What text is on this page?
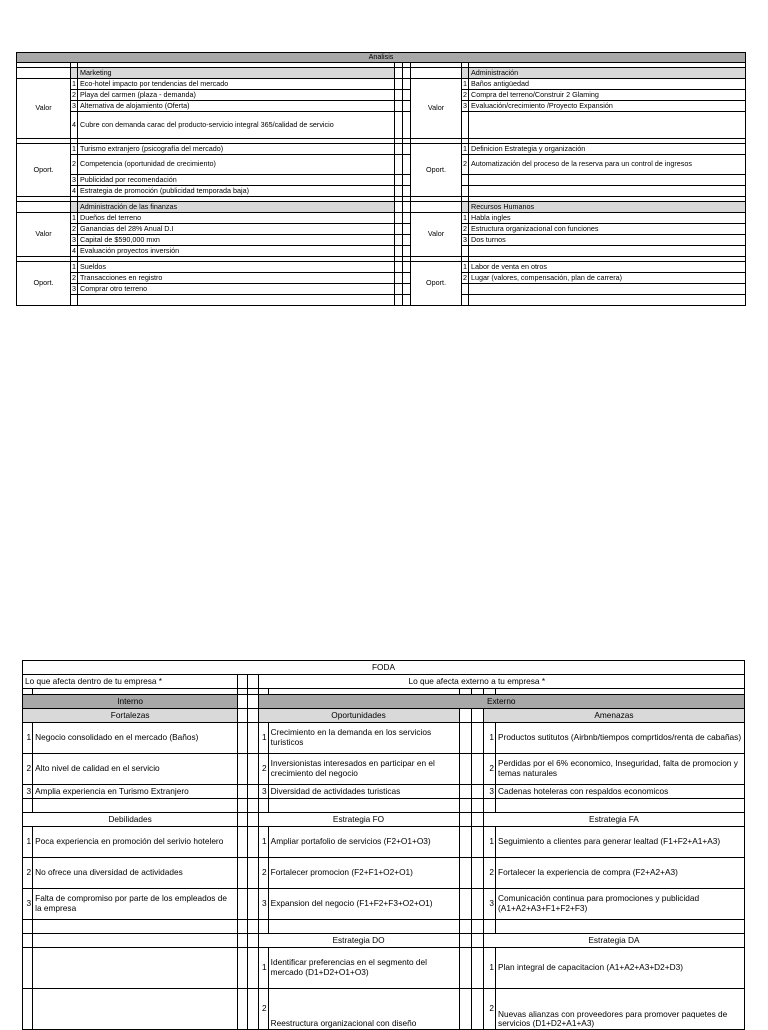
Analisis							

		Marketing					Administración
Valor	1	Eco-hotel impacto por tendencias del mercado			Valor	1	Baños antigüedad
	2	Playa del carmen (plaza - demanda)				2	Compra del terreno/Construir 2 Glaming
	3	Alternativa de alojamiento (Oferta)				3	Evaluación/crecimiento /Proyecto Expansión
	4	Cubre con demanda carac del producto-servicio integral 365/calidad de servicio					

Oport.	1	Turismo extranjero (psicografía del mercado)			Oport.	1	Definicion Estrategia y organización
	2	Competencia (oportunidad de crecimiento)				2	Automatización del proceso de la reserva para un control de ingresos
	3	Publicidad por recomendación					
	4	Estrategia de promoción (publicidad temporada baja)					

		Administración de las finanzas					Recursos Humanos
Valor	1	Dueños del terreno			Valor	1	Habla ingles
	2	Ganancias del 28% Anual D.I				2	Estructura organizacional con funciones
	3	Capital de $590,000 mxn				3	Dos turnos
	4	Evaluación proyectos inversión					

Oport.	1	Sueldos			Oport.	1	Labor de venta en otros
	2	Transacciones en registro				2	Lugar (valores, compensación, plan de carrera)
	3	Comprar otro terreno					

FODA									
Lo que afecta dentro de tu empresa *				Lo que afecta externo a tu empresa *					

Interno				Externo					
Fortalezas				Oportunidades				Amenazas	
1	Negocio consolidado en el mercado (Baños)			1	Crecimiento en la demanda en los servicios turisticos			1	Productos sutitutos (Airbnb/tiempos comprtidos/renta de cabañas)
2	Alto nivel de calidad en el servicio			2	Inversionistas interesados en participar en el crecimiento del negocio			2	Perdidas por el 6% economico, Inseguridad, falta de promocion y temas naturales
3	Amplia experiencia en Turismo Extranjero			3	Diversidad de actividades turisticas			3	Cadenas hoteleras con respaldos economicos

Debilidades				Estrategia FO				Estrategia FA	
1	Poca experiencia en promoción del serivio hotelero			1	Ampliar portafolio de servicios (F2+O1+O3)			1	Seguimiento a clientes para generar lealtad (F1+F2+A1+A3)
2	No ofrece una diversidad de actividades			2	Fortalecer promocion (F2+F1+O2+O1)			2	Fortalecer la experiencia de compra (F2+A2+A3)
3	Falta de compromiso por parte de los empleados de la empresa			3	Expansion del negocio (F1+F2+F3+O2+O1)			3	Comunicación continua para promociones y publicidad (A1+A2+A3+F1+F2+F3)

				Estrategia DO				Estrategia DA	
				1	Identificar preferencias en el segmento del mercado (D1+D2+O1+O3)			1	Plan integral de capacitacion (A1+A2+A3+D2+D3)
				2	Reestructura organizacional con diseño			2	Nuevas alianzas con proveedores para promover paquetes de servicios (D1+D2+A1+A3)
